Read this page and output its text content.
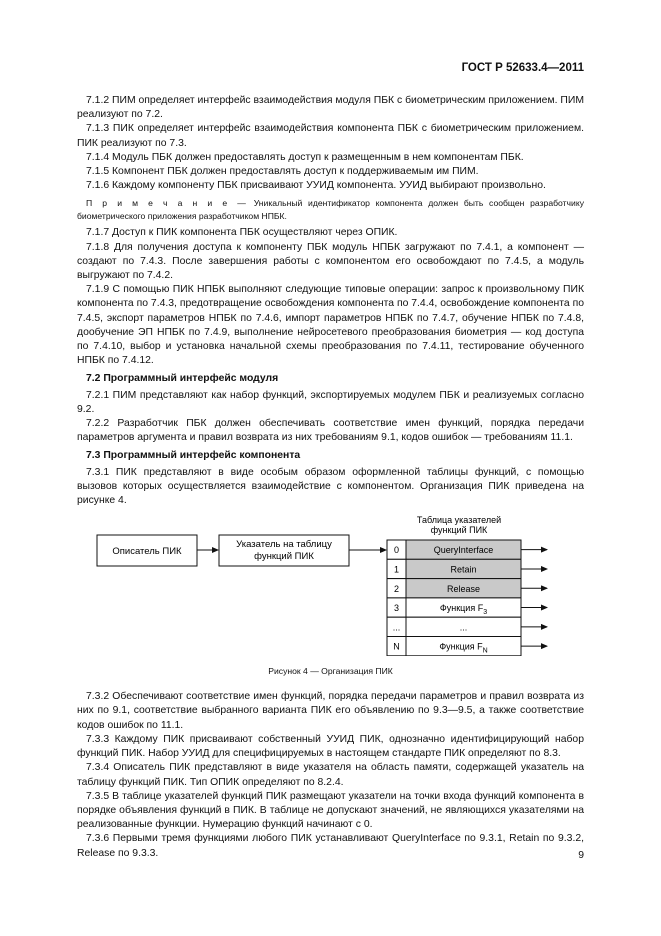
ГОСТ Р 52633.4—2011

7.1.2 ПИМ определяет интерфейс взаимодействия модуля ПБК с биометрическим приложением. ПИМ реализуют по 7.2.

7.1.3 ПИК определяет интерфейс взаимодействия компонента ПБК с биометрическим приложением. ПИК реализуют по 7.3.

7.1.4 Модуль ПБК должен предоставлять доступ к размещенным в нем компонентам ПБК.

7.1.5 Компонент ПБК должен предоставлять доступ к поддерживаемым им ПИМ.

7.1.6 Каждому компоненту ПБК присваивают УУИД компонента. УУИД выбирают произвольно.

П р и м е ч а н и е — Уникальный идентификатор компонента должен быть сообщен разработчику биометрического приложения разработчиком НПБК.

7.1.7 Доступ к ПИК компонента ПБК осуществляют через ОПИК.

7.1.8 Для получения доступа к компоненту ПБК модуль НПБК загружают по 7.4.1, а компонент — создают по 7.4.3. После завершения работы с компонентом его освобождают по 7.4.5, а модуль выгружают по 7.4.2.

7.1.9 С помощью ПИК НПБК выполняют следующие типовые операции: запрос к произвольному ПИК компонента по 7.4.3, предотвращение освобождения компонента по 7.4.4, освобождение компонента по 7.4.5, экспорт параметров НПБК по 7.4.6, импорт параметров НПБК по 7.4.7, обучение НПБК по 7.4.8, дообучение ЭП НПБК по 7.4.9, выполнение нейросетевого преобразования биометрия — код доступа по 7.4.10, выбор и установка начальной схемы преобразования по 7.4.11, тестирование обученного НПБК по 7.4.12.

7.2 Программный интерфейс модуля

7.2.1 ПИМ представляют как набор функций, экспортируемых модулем ПБК и реализуемых согласно 9.2.

7.2.2 Разработчик ПБК должен обеспечивать соответствие имен функций, порядка передачи параметров аргумента и правил возврата из них требованиям 9.1, кодов ошибок — требованиям 11.1.

7.3 Программный интерфейс компонента

7.3.1 ПИК представляют в виде особым образом оформленной таблицы функций, с помощью вызовов которых осуществляется взаимодействие с компонентом. Организация ПИК приведена на рисунке 4.

Таблица указателей
функций ПИК
Описатель ПИК
Указатель на таблицу
функций ПИК
0	QueryInterface
1	Retain
2	Release
3	Функция $F_3$
...	...
N	Функция $F_N$
Рисунок 4 — Организация ПИК

7.3.2 Обеспечивают соответствие имен функций, порядка передачи параметров и правил возврата из них по 9.1, соответствие выбранного варианта ПИК его объявлению по 9.3—9.5, а также соответствие кодов ошибок по 11.1.

7.3.3 Каждому ПИК присваивают собственный УУИД ПИК, однозначно идентифицирующий набор функций ПИК. Набор УУИД для специфицируемых в настоящем стандарте ПИК определяют по 8.3.

7.3.4 Описатель ПИК представляют в виде указателя на область памяти, содержащей указатель на таблицу функций ПИК. Тип ОПИК определяют по 8.2.4.

7.3.5 В таблице указателей функций ПИК размещают указатели на точки входа функций компонента в порядке объявления функций в ПИК. В таблице не допускают значений, не являющихся указателями на реализованные функции. Нумерацию функций начинают с 0.

7.3.6 Первыми тремя функциями любого ПИК устанавливают QueryInterface по 9.3.1, Retain по 9.3.2, Release по 9.3.3.	9
